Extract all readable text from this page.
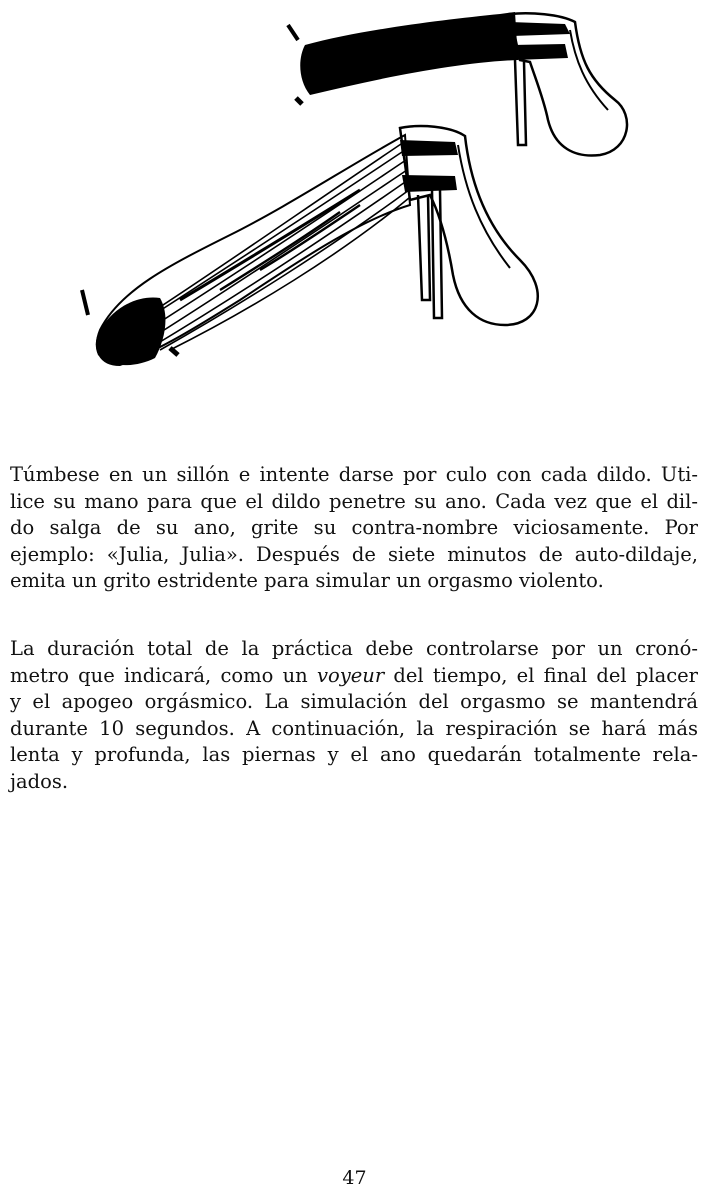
Túmbese en un sillón e intente darse por culo con cada dildo. Uti-
lice su mano para que el dildo penetre su ano. Cada vez que el dil-
do salga de su ano, grite su contra-nombre viciosamente. Por
ejemplo: «Julia, Julia». Después de siete minutos de auto-dildaje,
emita un grito estridente para simular un orgasmo violento.
La duración total de la práctica debe controlarse por un cronó-
metro que indicará, como un voyeur del tiempo, el final del placer
y el apogeo orgásmico. La simulación del orgasmo se mantendrá
durante 10 segundos. A continuación, la respiración se hará más
lenta y profunda, las piernas y el ano quedarán totalmente rela-
jados.
47
